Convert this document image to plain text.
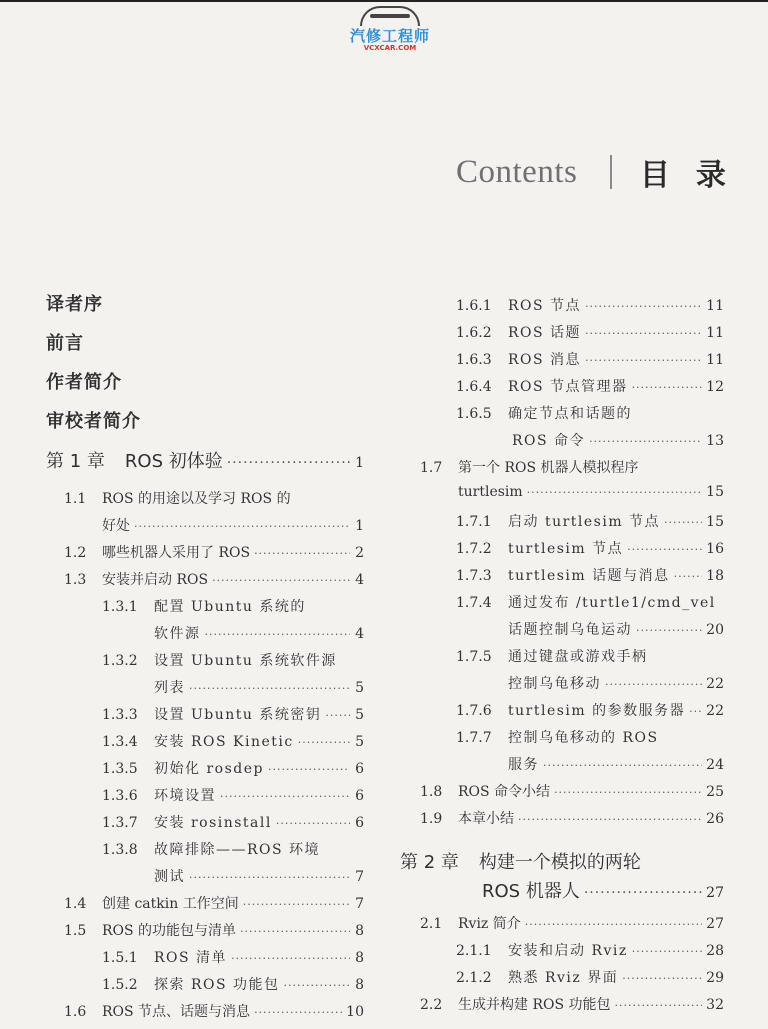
汽修工程师
VCXCAR.COM
Contents 目录
译者序
前言
作者简介
审校者简介
第 1 章 ROS 初体验 ·····	1
1.1	ROS 的用途以及学习 ROS 的
好处 ·····	1
1.2	哪些机器人采用了 ROS ·····	2
1.3	安装并启动 ROS ·····	4
1.3.1	配置 Ubuntu 系统的
软件源 ·····	4
1.3.2	设置 Ubuntu 系统软件源
列表 ·····	5
1.3.3	设置 Ubuntu 系统密钥 ····· 5
1.3.4	安装 ROS Kinetic ·····	5
1.3.5	初始化 rosdep ·····	6
1.3.6	环境设置 ·····	6
1.3.7	安装 rosinstall ·····	6
1.3.8	故障排除——ROS 环境
测试 ·····	7
1.4	创建 catkin 工作空间 ·····	7
1.5	ROS 的功能包与清单 ·····	8
1.5.1	ROS 清单 ·····	8
1.5.2	探索 ROS 功能包 ·····	8
1.6	ROS 节点、话题与消息 ·····	10
1.6.1	ROS 节点 ·····	11
1.6.2	ROS 话题 ·····	11
1.6.3	ROS 消息 ·····	11
1.6.4	ROS 节点管理器 ·····	12
1.6.5	确定节点和话题的
ROS 命令 ·····	13
1.7	第一个 ROS 机器人模拟程序
turtlesim ·····	15
1.7.1	启动 turtlesim 节点 ·····	15
1.7.2	turtlesim 节点 ·····	16
1.7.3	turtlesim 话题与消息 ·····	18
1.7.4	通过发布 /turtle1/cmd_vel
话题控制乌龟运动 ·····	20
1.7.5	通过键盘或游戏手柄
控制乌龟移动 ·····	22
1.7.6	turtlesim 的参数服务器 ····· 22
1.7.7	控制乌龟移动的 ROS
服务 ·····	24
1.8	ROS 命令小结 ·····	25
1.9	本章小结 ·····	26
第 2 章 构建一个模拟的两轮
ROS 机器人 ·····	27
2.1	Rviz 简介 ·····	27
2.1.1	安装和启动 Rviz ·····	28
2.1.2	熟悉 Rviz 界面 ·····	29
2.2	生成并构建 ROS 功能包 ·····	32
